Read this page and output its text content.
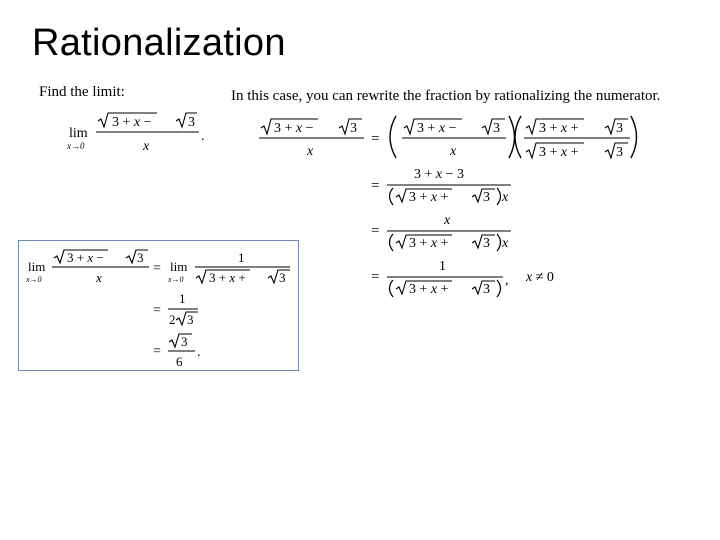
Rationalization
Find the limit:	In this case, you can rewrite the fraction by rationalizing the numerator.
lim
x→0
3 + x −	3
x
.
3 + x −	3
x
=
3 + x −	3
x
3 + x +	3
3 + x +	3
=
3 + x − 3
3 + x + 3 x
=
x
3 + x + 3 x
=
1
3 + x + 3
, x ≠ 0
lim
x→0
3 + x −	3
x
= lim
x→0
1
3 + x +	3
=
1
2 3
=
3
6
.
